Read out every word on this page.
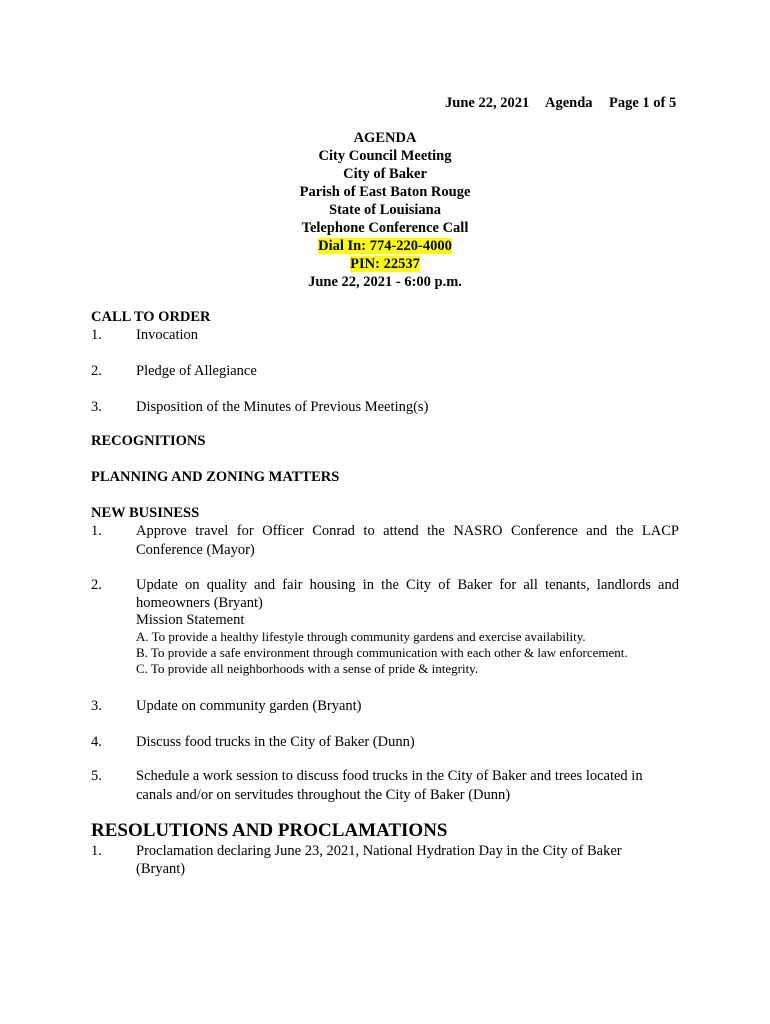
June 22, 2021 Agenda Page 1 of 5
AGENDA
City Council Meeting
City of Baker
Parish of East Baton Rouge
State of Louisiana
Telephone Conference Call
Dial In: 774-220-4000
PIN: 22537
June 22, 2021 - 6:00 p.m.
CALL TO ORDER
1. Invocation
2. Pledge of Allegiance
3. Disposition of the Minutes of Previous Meeting(s)
RECOGNITIONS
PLANNING AND ZONING MATTERS
NEW BUSINESS
1. Approve travel for Officer Conrad to attend the NASRO Conference and the LACP
Conference (Mayor)
2. Update on quality and fair housing in the City of Baker for all tenants, landlords and
homeowners (Bryant)
Mission Statement
A. To provide a healthy lifestyle through community gardens and exercise availability.
B. To provide a safe environment through communication with each other & law enforcement.
C. To provide all neighborhoods with a sense of pride & integrity.
3. Update on community garden (Bryant)
4. Discuss food trucks in the City of Baker (Dunn)
5. Schedule a work session to discuss food trucks in the City of Baker and trees located in
canals and/or on servitudes throughout the City of Baker (Dunn)
RESOLUTIONS AND PROCLAMATIONS
1. Proclamation declaring June 23, 2021, National Hydration Day in the City of Baker
(Bryant)
